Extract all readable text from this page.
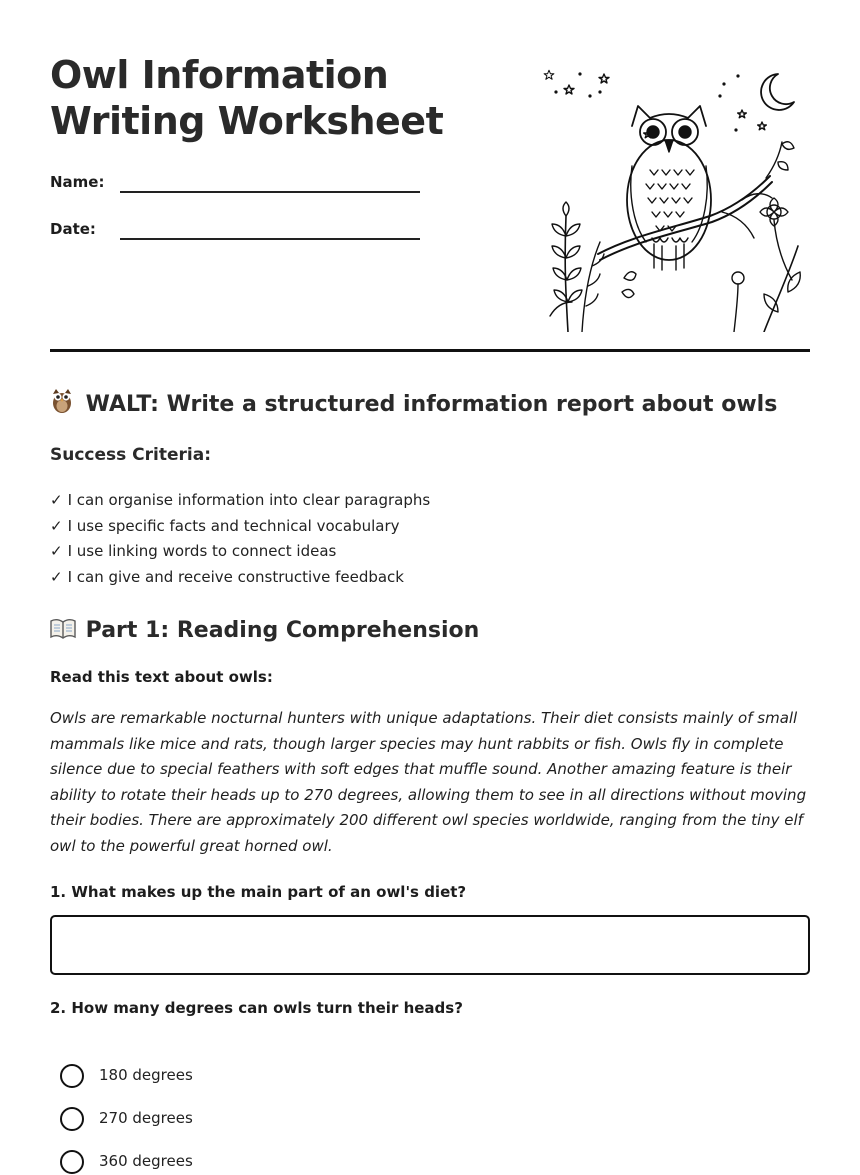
Owl Information
Writing Worksheet
Name:
Date:
WALT: Write a structured information report about owls
Success Criteria:
✓ I can organise information into clear paragraphs
✓ I use specific facts and technical vocabulary
✓ I use linking words to connect ideas
✓ I can give and receive constructive feedback
Part 1: Reading Comprehension
Read this text about owls:

Owls are remarkable nocturnal hunters with unique adaptations. Their diet consists mainly of small mammals like mice and rats, though larger species may hunt rabbits or fish. Owls fly in complete silence due to special feathers with soft edges that muffle sound. Another amazing feature is their ability to rotate their heads up to 270 degrees, allowing them to see in all directions without moving their bodies. There are approximately 200 different owl species worldwide, ranging from the tiny elf owl to the powerful great horned owl.

1. What makes up the main part of an owl's diet?
2. How many degrees can owls turn their heads?
180 degrees
270 degrees
360 degrees
